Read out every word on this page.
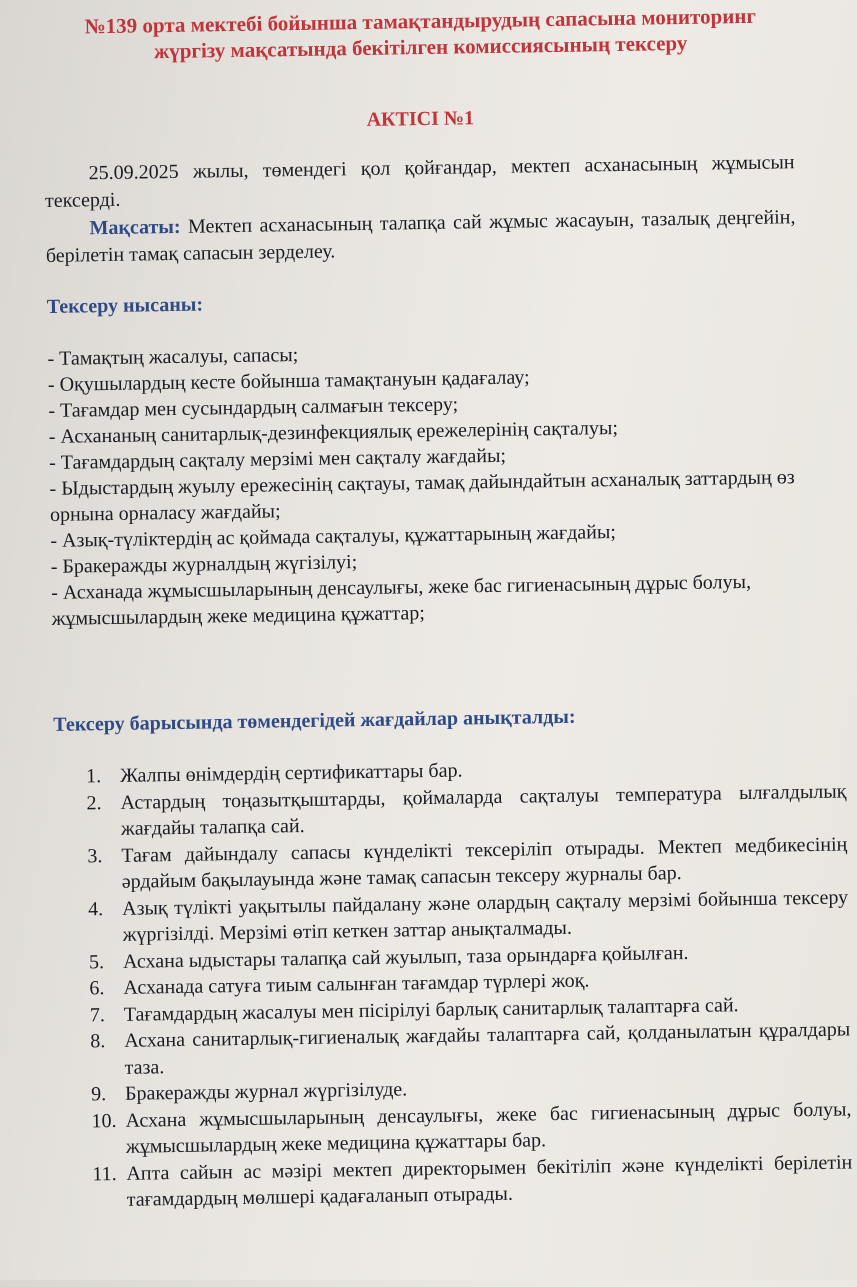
№139 орта мектебі бойынша тамақтандырудың сапасына мониторинг
жүргізу мақсатында бекітілген комиссиясының тексеру
АКТІСІ №1
25.09.2025 жылы, төмендегі қол қойғандар, мектеп асханасының жұмысын тексерді.
Мақсаты: Мектеп асханасының талапқа сай жұмыс жасауын, тазалық деңгейін, берілетін тамақ сапасын зерделеу.
Тексеру нысаны:
- Тамақтың жасалуы, сапасы;
- Оқушылардың кесте бойынша тамақтануын қадағалау;
- Тағамдар мен сусындардың салмағын тексеру;
- Асхананың санитарлық-дезинфекциялық ережелерінің сақталуы;
- Тағамдардың сақталу мерзімі мен сақталу жағдайы;
- Ыдыстардың жуылу ережесінің сақтауы, тамақ дайындайтын асханалық заттардың өз орнына орналасу жағдайы;
- Азық-түліктердің ас қоймада сақталуы, құжаттарының жағдайы;
- Бракеражды журналдың жүгізілуі;
- Асханада жұмысшыларының денсаулығы, жеке бас гигиенасының дұрыс болуы, жұмысшылардың жеке медицина құжаттар;
Тексеру барысында төмендегідей жағдайлар анықталды:
1. Жалпы өнімдердің сертификаттары бар.
2. Астардың тоңазытқыштарды, қоймаларда сақталуы температура ылғалдылық жағдайы талапқа сай.
3. Тағам дайындалу сапасы күнделікті тексеріліп отырады. Мектеп медбикесінің әрдайым бақылауында және тамақ сапасын тексеру журналы бар.
4. Азық түлікті уақытылы пайдалану және олардың сақталу мерзімі бойынша тексеру жүргізілді. Мерзімі өтіп кеткен заттар анықталмады.
5. Асхана ыдыстары талапқа сай жуылып, таза орындарға қойылған.
6. Асханада сатуға тиым салынған тағамдар түрлері жоқ.
7. Тағамдардың жасалуы мен пісірілуі барлық санитарлық талаптарға сай.
8. Асхана санитарлық-гигиеналық жағдайы талаптарға сай, қолданылатын құралдары таза.
9. Бракеражды журнал жүргізілуде.
10. Асхана жұмысшыларының денсаулығы, жеке бас гигиенасының дұрыс болуы, жұмысшылардың жеке медицина құжаттары бар.
11. Апта сайын ас мәзірі мектеп директорымен бекітіліп және күнделікті берілетін тағамдардың мөлшері қадағаланып отырады.
